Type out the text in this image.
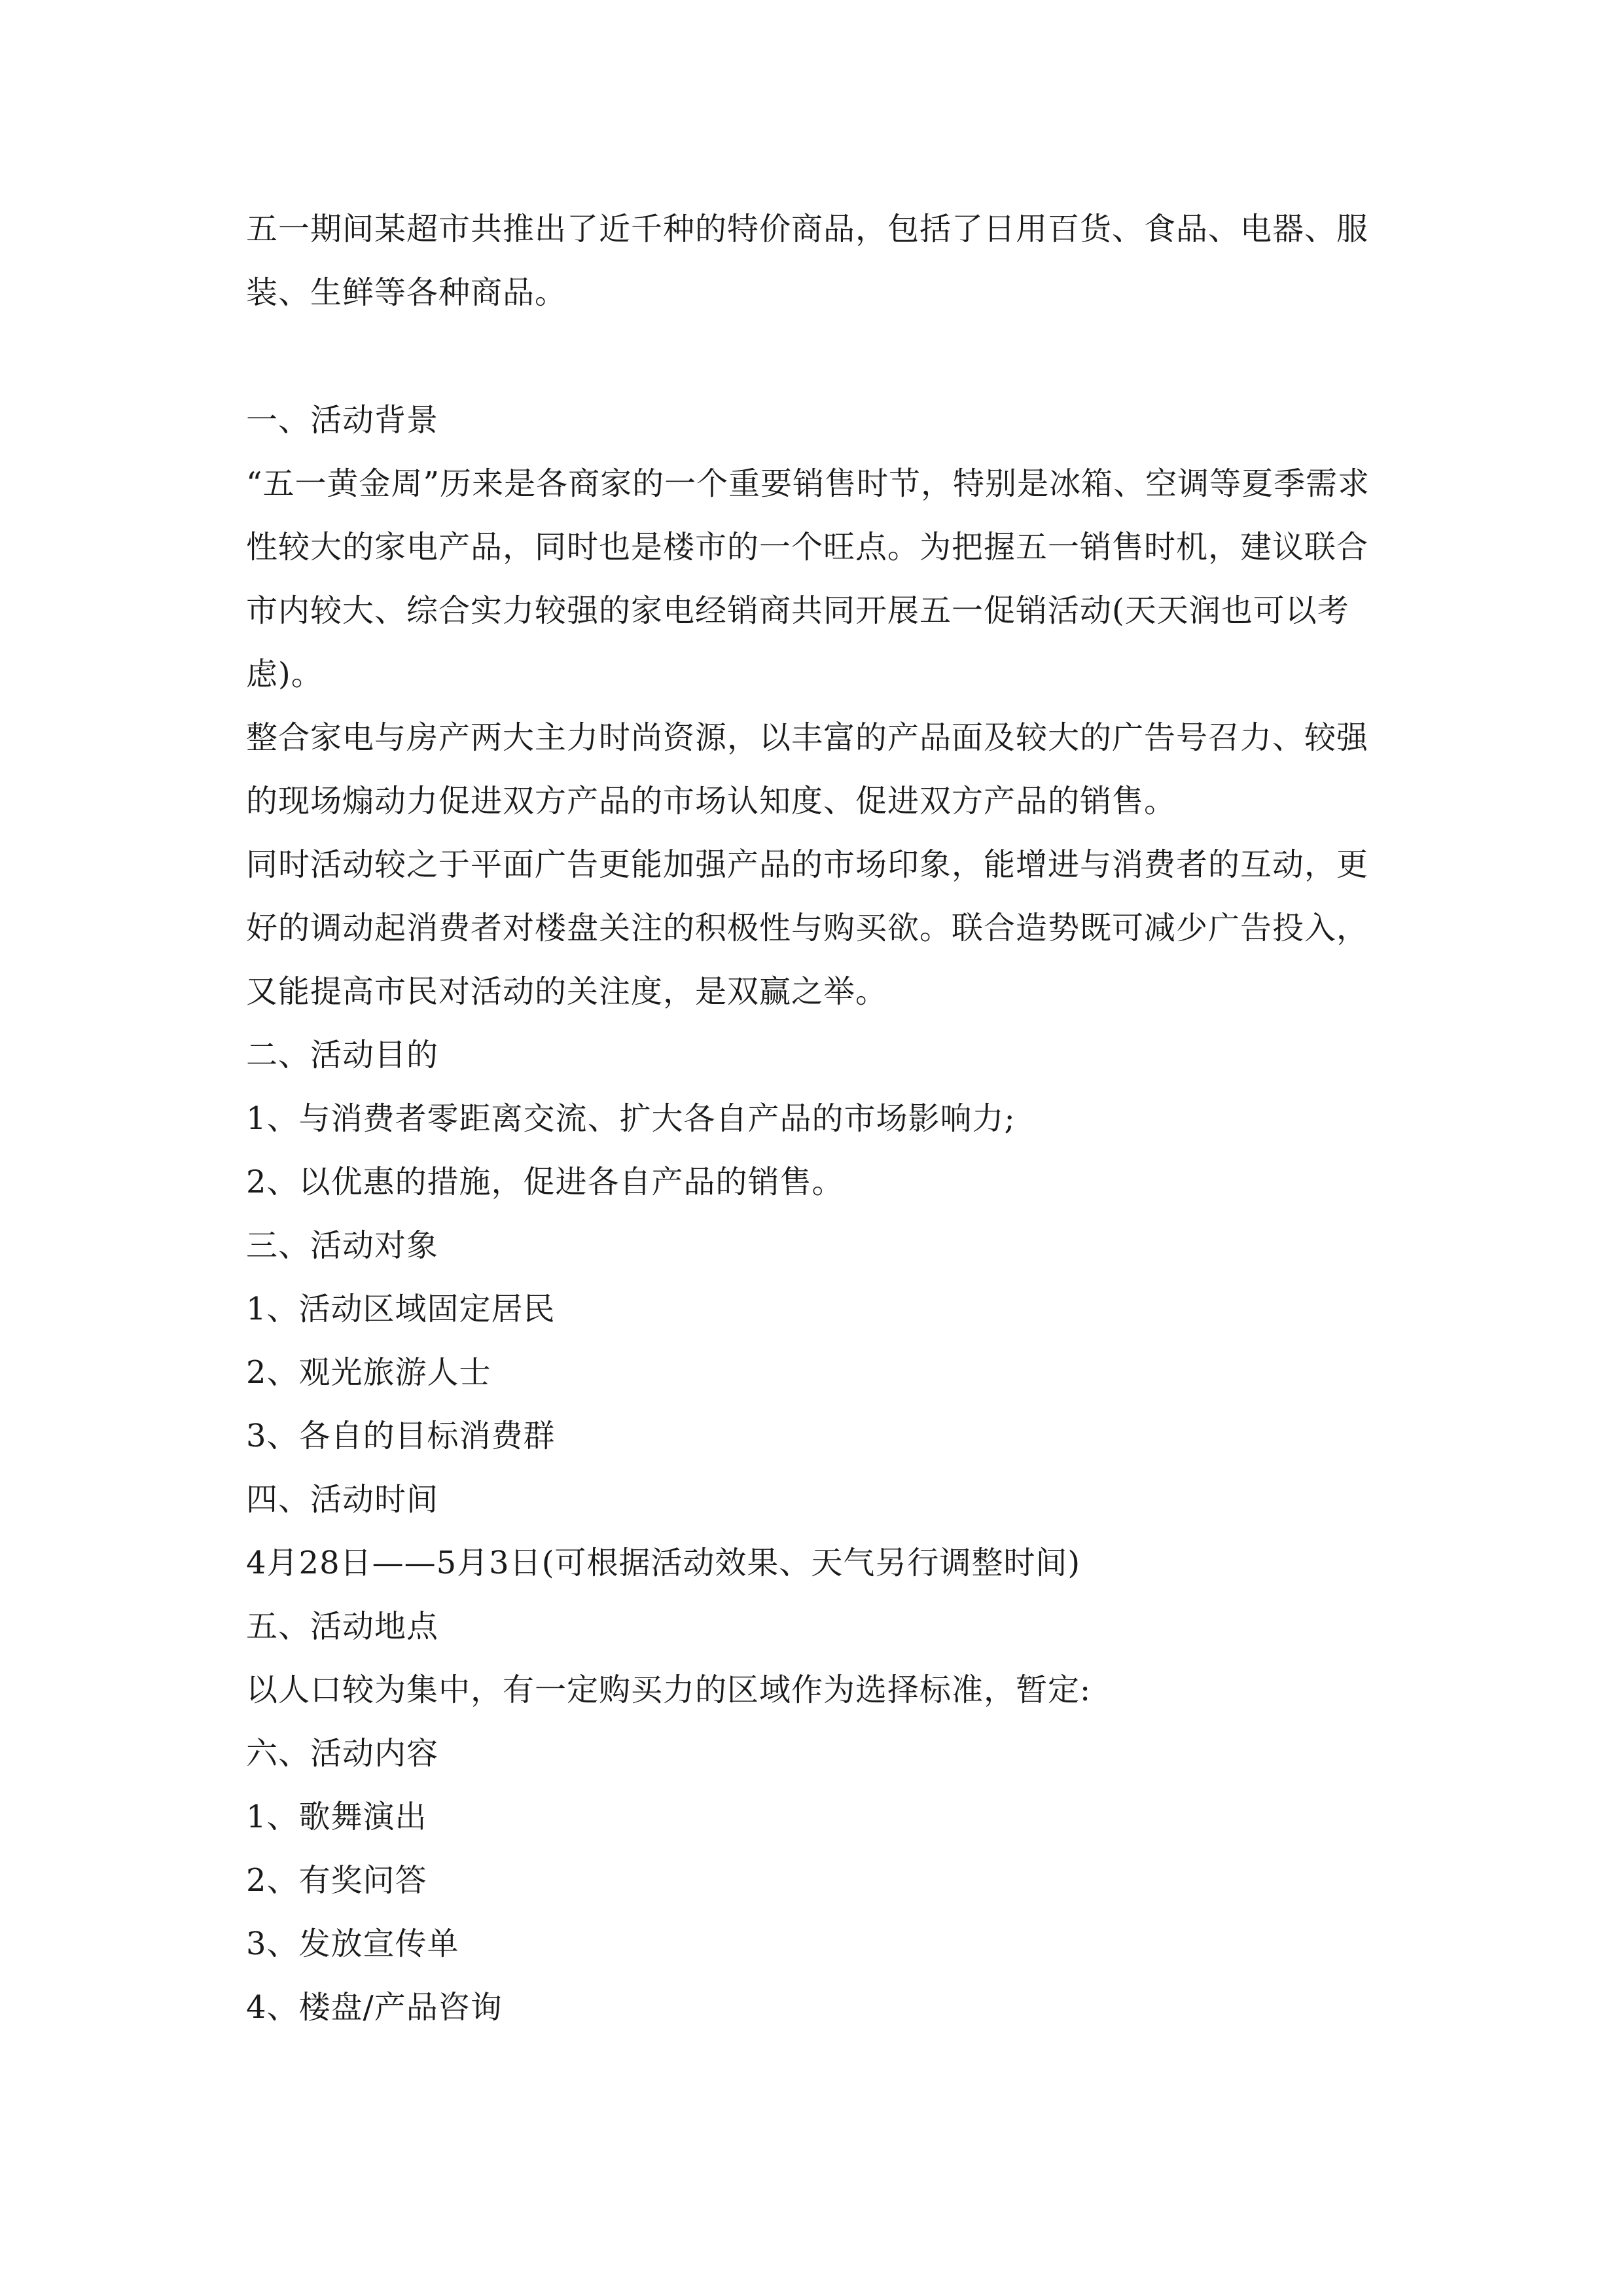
五一期间某超市共推出了近千种的特价商品，包括了日用百货、食品、电器、服装、生鲜等各种商品。

一、活动背景

“五一黄金周”历来是各商家的一个重要销售时节，特别是冰箱、空调等夏季需求性较大的家电产品，同时也是楼市的一个旺点。为把握五一销售时机，建议联合市内较大、综合实力较强的家电经销商共同开展五一促销活动(天天润也可以考虑)。

整合家电与房产两大主力时尚资源，以丰富的产品面及较大的广告号召力、较强的现场煽动力促进双方产品的市场认知度、促进双方产品的销售。

同时活动较之于平面广告更能加强产品的市场印象，能增进与消费者的互动，更好的调动起消费者对楼盘关注的积极性与购买欲。联合造势既可减少广告投入，又能提高市民对活动的关注度，是双赢之举。

二、活动目的

1、与消费者零距离交流、扩大各自产品的市场影响力;

2、以优惠的措施，促进各自产品的销售。

三、活动对象

1、活动区域固定居民

2、观光旅游人士

3、各自的目标消费群

四、活动时间

4月28日——5月3日(可根据活动效果、天气另行调整时间)

五、活动地点

以人口较为集中，有一定购买力的区域作为选择标准，暂定:

六、活动内容

1、歌舞演出

2、有奖问答

3、发放宣传单

4、楼盘/产品咨询
